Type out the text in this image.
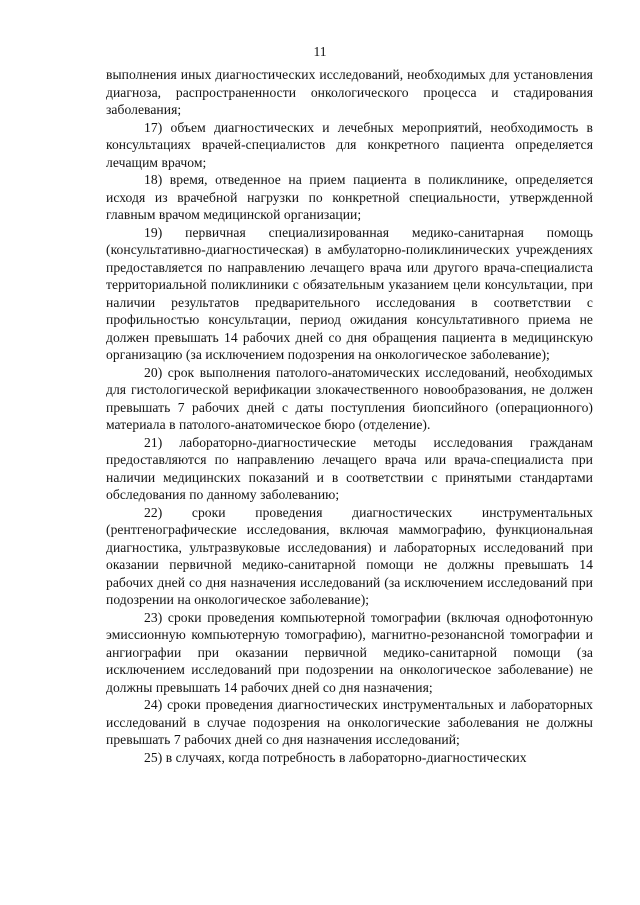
11

выполнения иных диагностических исследований, необходимых для установления диагноза, распространенности онкологического процесса и стадирования заболевания;

17) объем диагностических и лечебных мероприятий, необходимость в консультациях врачей-специалистов для конкретного пациента определяется лечащим врачом;

18) время, отведенное на прием пациента в поликлинике, определяется исходя из врачебной нагрузки по конкретной специальности, утвержденной главным врачом медицинской организации;

19) первичная специализированная медико-санитарная помощь (консультативно-диагностическая) в амбулаторно-поликлинических учреждениях предоставляется по направлению лечащего врача или другого врача-специалиста территориальной поликлиники с обязательным указанием цели консультации, при наличии результатов предварительного исследования в соответствии с профильностью консультации, период ожидания консультативного приема не должен превышать 14 рабочих дней со дня обращения пациента в медицинскую организацию (за исключением подозрения на онкологическое заболевание);

20) срок выполнения патолого-анатомических исследований, необходимых для гистологической верификации злокачественного новообразования, не должен превышать 7 рабочих дней с даты поступления биопсийного (операционного) материала в патолого-анатомическое бюро (отделение).

21) лабораторно-диагностические методы исследования гражданам предоставляются по направлению лечащего врача или врача-специалиста при наличии медицинских показаний и в соответствии с принятыми стандартами обследования по данному заболеванию;

22) сроки проведения диагностических инструментальных (рентгенографические исследования, включая маммографию, функциональная диагностика, ультразвуковые исследования) и лабораторных исследований при оказании первичной медико-санитарной помощи не должны превышать 14 рабочих дней со дня назначения исследований (за исключением исследований при подозрении на онкологическое заболевание);

23) сроки проведения компьютерной томографии (включая однофотонную эмиссионную компьютерную томографию), магнитно-резонансной томографии и ангиографии при оказании первичной медико-санитарной помощи (за исключением исследований при подозрении на онкологическое заболевание) не должны превышать 14 рабочих дней со дня назначения;

24) сроки проведения диагностических инструментальных и лабораторных исследований в случае подозрения на онкологические заболевания не должны превышать 7 рабочих дней со дня назначения исследований;

25) в случаях, когда потребность в лабораторно-диагностических
